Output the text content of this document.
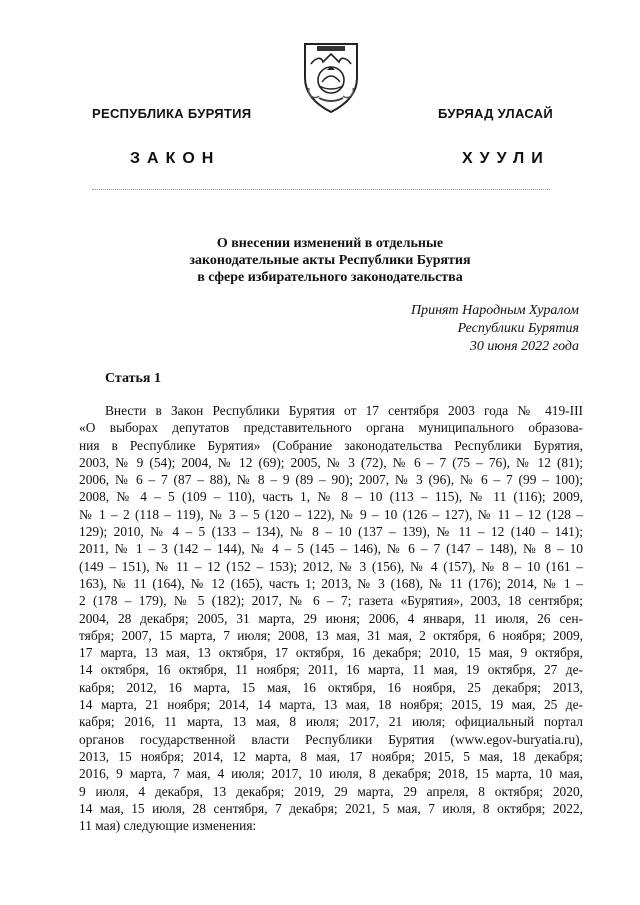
РЕСПУБЛИКА БУРЯТИЯ	БУРЯАД УЛАСАЙ
ЗАКОН	ХУУЛИ
О внесении изменений в отдельные
законодательные акты Республики Бурятия
в сфере избирательного законодательства
Принят Народным Хуралом
Республики Бурятия
30 июня 2022 года
Статья 1
Внести в Закон Республики Бурятия от 17 сентября 2003 года № 419-III
«О выборах депутатов представительного органа муниципального образова-
ния в Республике Бурятия» (Собрание законодательства Республики Бурятия,
2003, № 9 (54); 2004, № 12 (69); 2005, № 3 (72), № 6 – 7 (75 – 76), № 12 (81);
2006, № 6 – 7 (87 – 88), № 8 – 9 (89 – 90); 2007, № 3 (96), № 6 – 7 (99 – 100);
2008, № 4 – 5 (109 – 110), часть 1, № 8 – 10 (113 – 115), № 11 (116); 2009,
№ 1 – 2 (118 – 119), № 3 – 5 (120 – 122), № 9 – 10 (126 – 127), № 11 – 12 (128 –
129); 2010, № 4 – 5 (133 – 134), № 8 – 10 (137 – 139), № 11 – 12 (140 – 141);
2011, № 1 – 3 (142 – 144), № 4 – 5 (145 – 146), № 6 – 7 (147 – 148), № 8 – 10
(149 – 151), № 11 – 12 (152 – 153); 2012, № 3 (156), № 4 (157), № 8 – 10 (161 –
163), № 11 (164), № 12 (165), часть 1; 2013, № 3 (168), № 11 (176); 2014, № 1 –
2 (178 – 179), № 5 (182); 2017, № 6 – 7; газета «Бурятия», 2003, 18 сентября;
2004, 28 декабря; 2005, 31 марта, 29 июня; 2006, 4 января, 11 июля, 26 сен-
тября; 2007, 15 марта, 7 июля; 2008, 13 мая, 31 мая, 2 октября, 6 ноября; 2009,
17 марта, 13 мая, 13 октября, 17 октября, 16 декабря; 2010, 15 мая, 9 октября,
14 октября, 16 октября, 11 ноября; 2011, 16 марта, 11 мая, 19 октября, 27 де-
кабря; 2012, 16 марта, 15 мая, 16 октября, 16 ноября, 25 декабря; 2013,
14 марта, 21 ноября; 2014, 14 марта, 13 мая, 18 ноября; 2015, 19 мая, 25 де-
кабря; 2016, 11 марта, 13 мая, 8 июля; 2017, 21 июля; официальный портал
органов государственной власти Республики Бурятия (www.egov-buryatia.ru),
2013, 15 ноября; 2014, 12 марта, 8 мая, 17 ноября; 2015, 5 мая, 18 декабря;
2016, 9 марта, 7 мая, 4 июля; 2017, 10 июля, 8 декабря; 2018, 15 марта, 10 мая,
9 июля, 4 декабря, 13 декабря; 2019, 29 марта, 29 апреля, 8 октября; 2020,
14 мая, 15 июля, 28 сентября, 7 декабря; 2021, 5 мая, 7 июля, 8 октября; 2022,
11 мая) следующие изменения:
